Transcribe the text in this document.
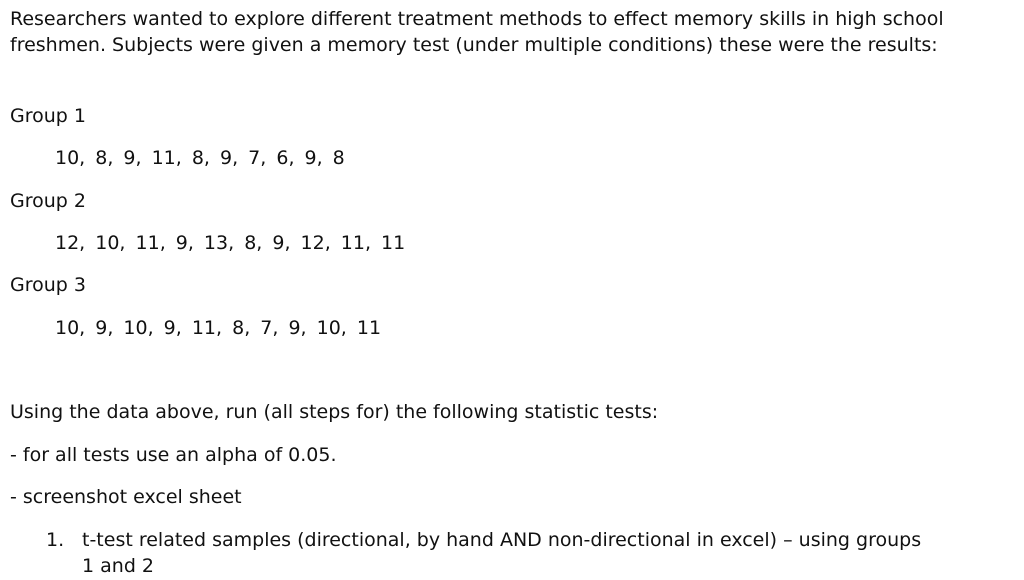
Researchers wanted to explore different treatment methods to effect memory skills in high school freshmen. Subjects were given a memory test (under multiple conditions) these were the results:

Group 1

10, 8, 9, 11, 8, 9, 7, 6, 9, 8

Group 2

12, 10, 11, 9, 13, 8, 9, 12, 11, 11

Group 3

10, 9, 10, 9, 11, 8, 7, 9, 10, 11

Using the data above, run (all steps for) the following statistic tests:

- for all tests use an alpha of 0.05.

- screenshot excel sheet

1. t-test related samples (directional, by hand AND non-directional in excel) – using groups 1 and 2
